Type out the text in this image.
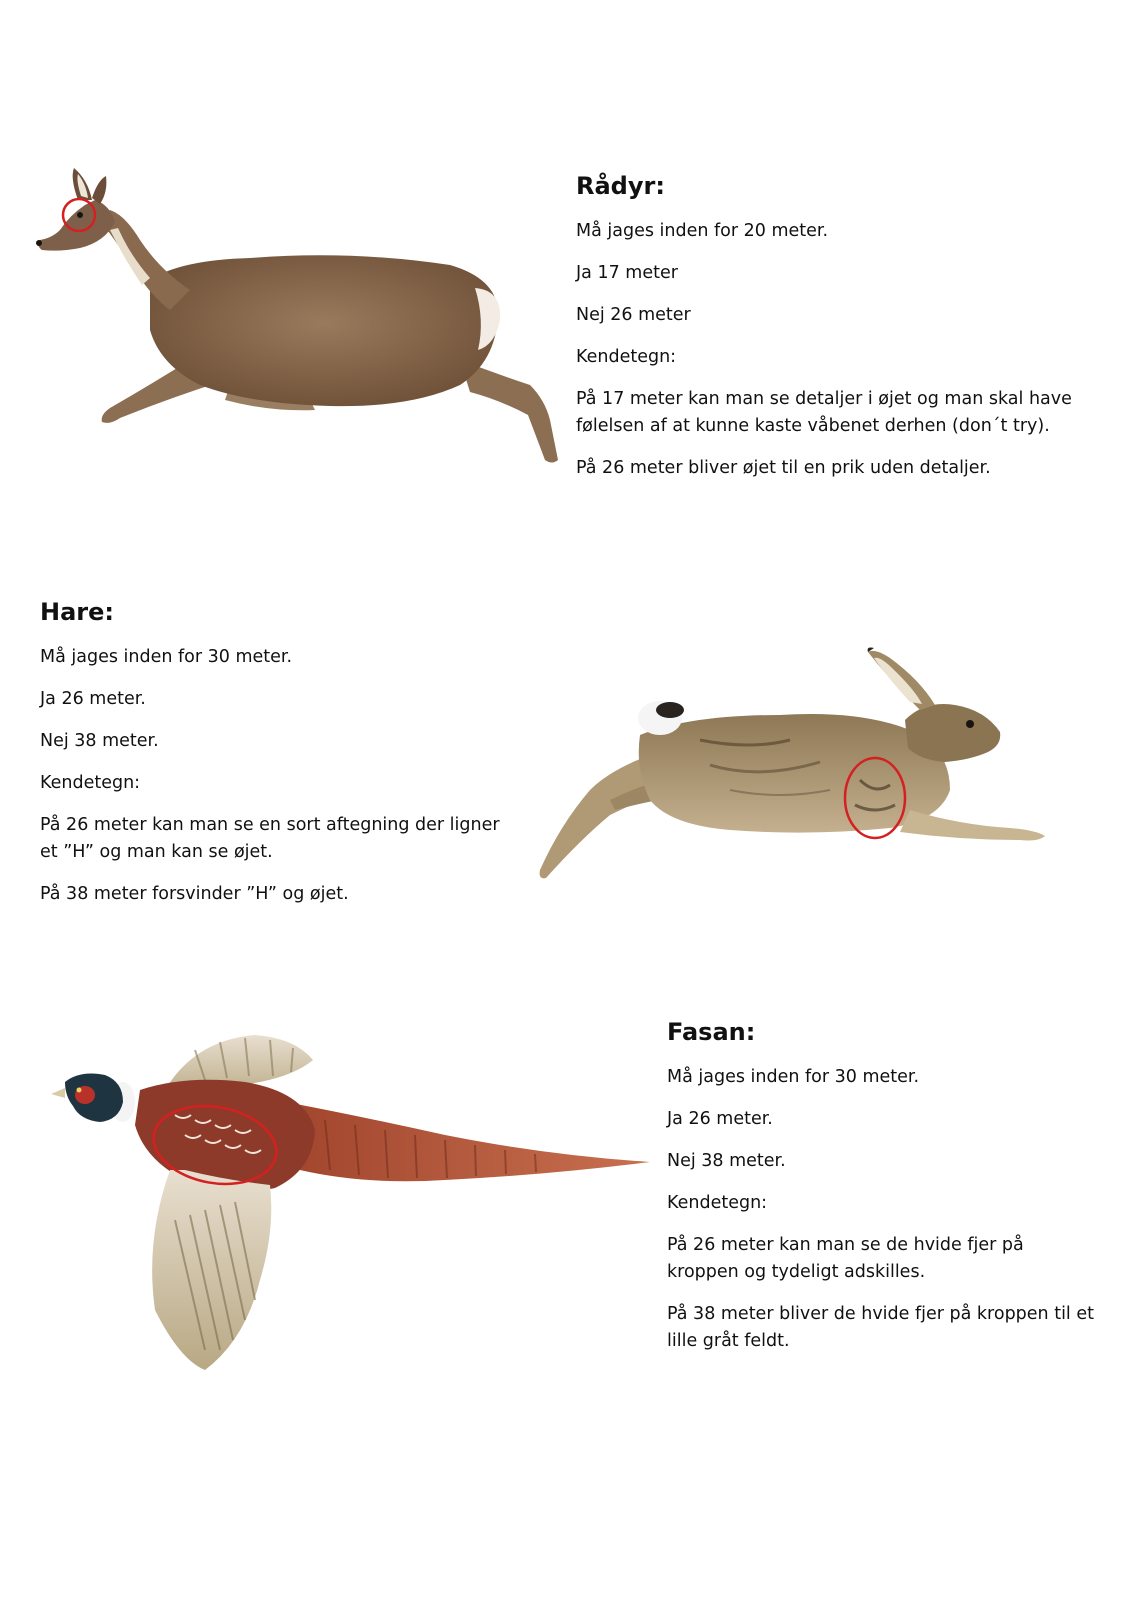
Rådyr:
Må jages inden for 20 meter.
Ja 17 meter
Nej 26 meter
Kendetegn:
På 17 meter kan man se detaljer i øjet og man skal have følelsen af at kunne kaste våbenet derhen (don´t try).
På 26 meter bliver øjet til en prik uden detaljer.
Hare:
Må jages inden for 30 meter.
Ja 26 meter.
Nej 38 meter.
Kendetegn:
På 26 meter kan man se en sort aftegning der ligner et ”H” og man kan se øjet.
På 38 meter forsvinder ”H” og øjet.
Fasan:
Må jages inden for 30 meter.
Ja 26 meter.
Nej 38 meter.
Kendetegn:
På 26 meter kan man se de hvide fjer på kroppen og tydeligt adskilles.
På 38 meter bliver de hvide fjer på kroppen til et lille gråt feldt.
